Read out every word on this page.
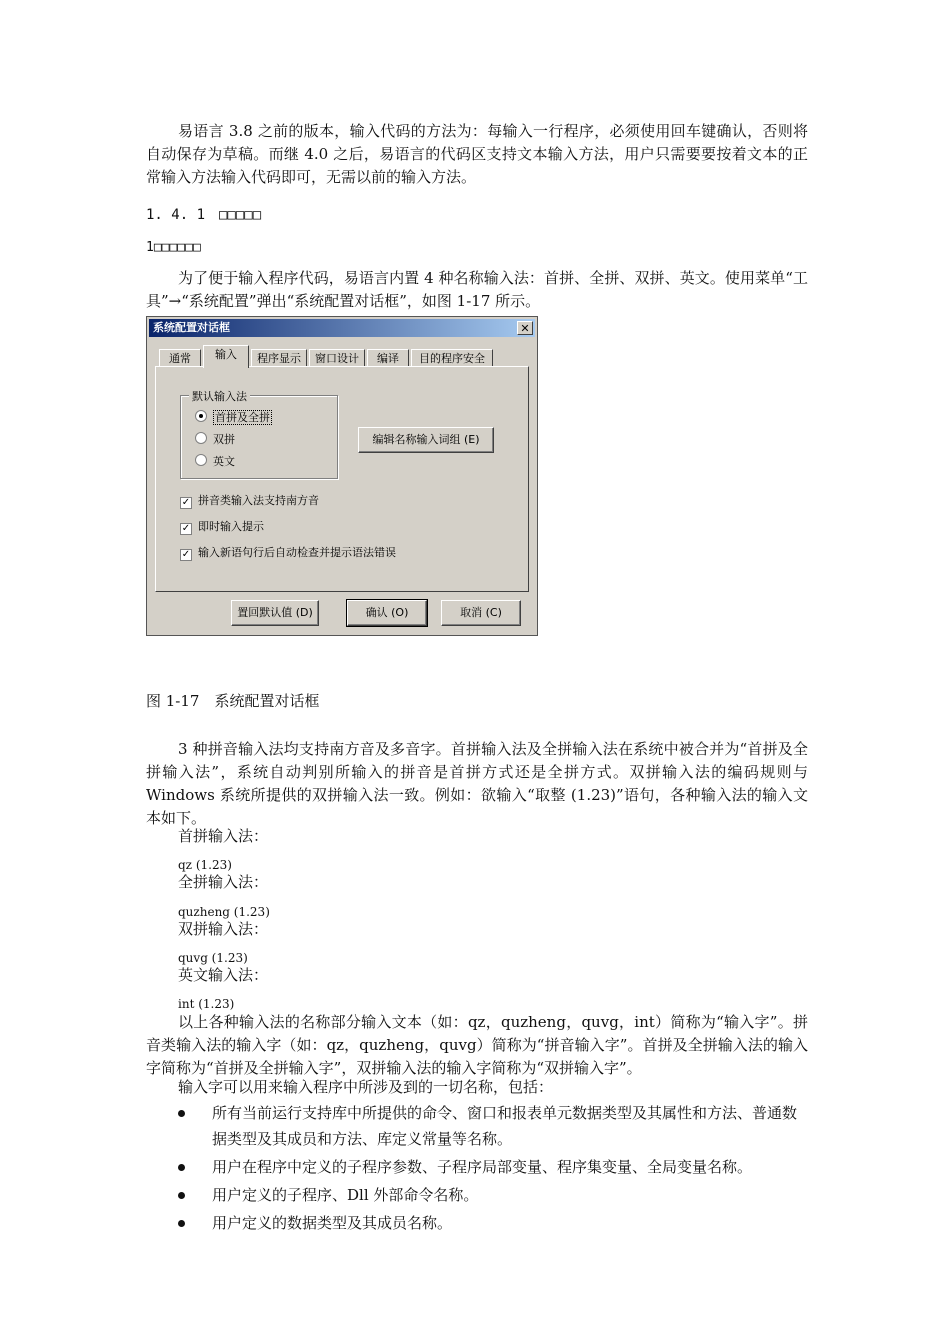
易语言 3.8 之前的版本，输入代码的方法为：每输入一行程序，必须使用回车键确认，否则将自动保存为草稿。而继 4.0 之后，易语言的代码区支持文本输入方法，用户只需要要按着文本的正常输入方法输入代码即可，无需以前的输入方法。

1. 4. 1　□□□□□
1□□□□□□

为了便于输入程序代码，易语言内置 4 种名称输入法：首拼、全拼、双拼、英文。使用菜单“工具”→“系统配置”弹出“系统配置对话框”，如图 1-17 所示。

系统配置对话框	✕
通常	输入	程序显示	窗口设计	编译	目的程序安全
默认输入法
首拼及全拼
双拼
英文
编辑名称输入词组 (E)
✓ 拼音类输入法支持南方音
✓ 即时输入提示
✓ 输入新语句行后自动检查并提示语法错误
置回默认值 (D)	确认 (O)	取消 (C)
图 1-17　系统配置对话框

3 种拼音输入法均支持南方音及多音字。首拼输入法及全拼输入法在系统中被合并为“首拼及全拼输入法”，系统自动判别所输入的拼音是首拼方式还是全拼方式。双拼输入法的编码规则与 Windows 系统所提供的双拼输入法一致。例如：欲输入“取整 (1.23)”语句，各种输入法的输入文本如下。

首拼输入法：
qz (1.23)
全拼输入法：
quzheng (1.23)
双拼输入法：
quvg (1.23)
英文输入法：
int (1.23)

以上各种输入法的名称部分输入文本（如：qz，quzheng，quvg，int）简称为“输入字”。拼音类输入法的输入字（如：qz，quzheng，quvg）简称为“拼音输入字”。首拼及全拼输入法的输入字简称为“首拼及全拼输入字”，双拼输入法的输入字简称为“双拼输入字”。

输入字可以用来输入程序中所涉及到的一切名称，包括：

所有当前运行支持库中所提供的命令、窗口和报表单元数据类型及其属性和方法、普通数据类型及其成员和方法、库定义常量等名称。
用户在程序中定义的子程序参数、子程序局部变量、程序集变量、全局变量名称。
用户定义的子程序、Dll 外部命令名称。
用户定义的数据类型及其成员名称。
